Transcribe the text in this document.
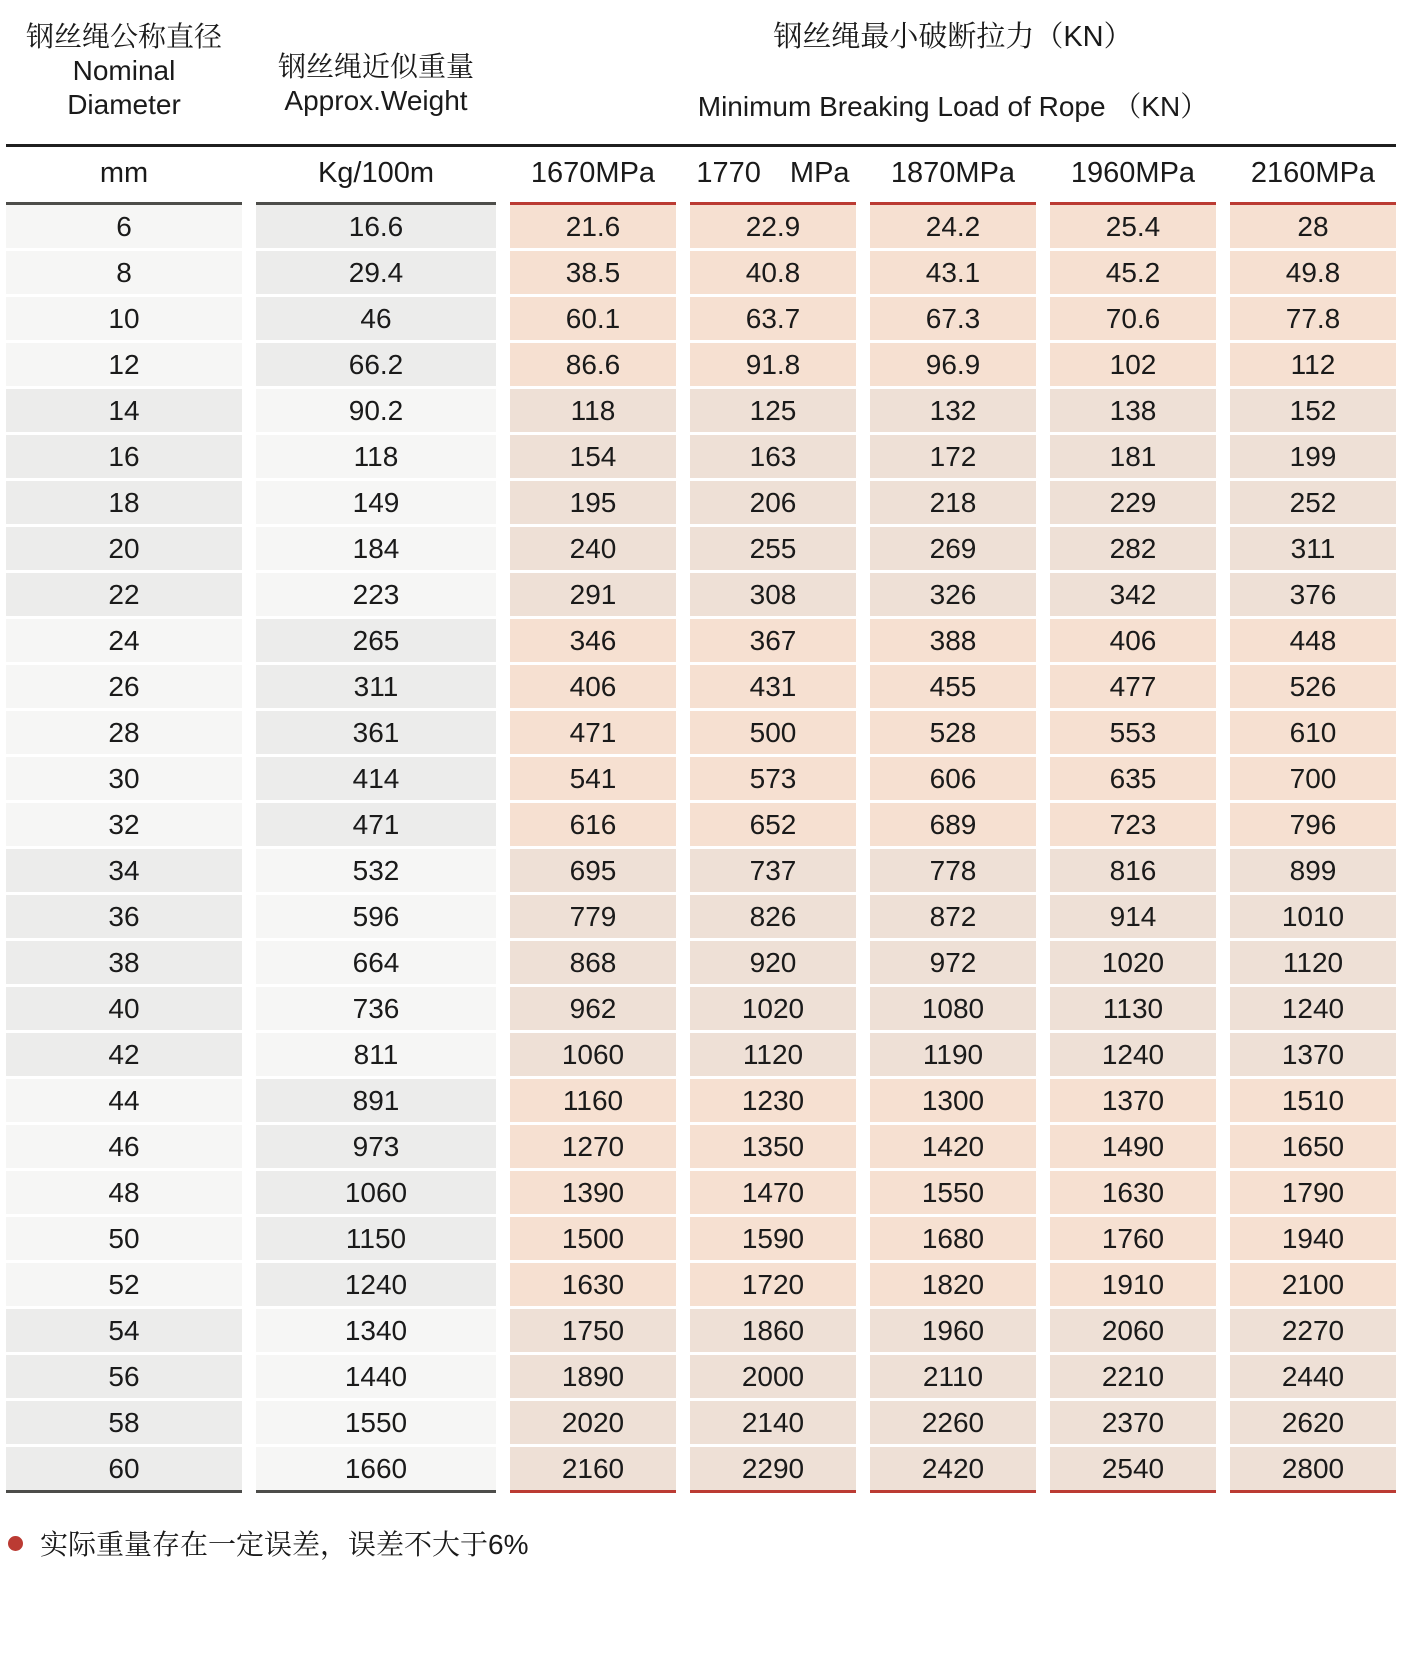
钢丝绳公称直径
Nominal
Diameter
钢丝绳近似重量
Approx.Weight
钢丝绳最小破断拉力（KN）
Minimum Breaking Load of Rope （KN）
mm	Kg/100m	1670MPa	1770 MPa	1870MPa	1960MPa	2160MPa
6	16.6	21.6	22.9	24.2	25.4	28
8	29.4	38.5	40.8	43.1	45.2	49.8
10	46	60.1	63.7	67.3	70.6	77.8
12	66.2	86.6	91.8	96.9	102	112
14	90.2	118	125	132	138	152
16	118	154	163	172	181	199
18	149	195	206	218	229	252
20	184	240	255	269	282	311
22	223	291	308	326	342	376
24	265	346	367	388	406	448
26	311	406	431	455	477	526
28	361	471	500	528	553	610
30	414	541	573	606	635	700
32	471	616	652	689	723	796
34	532	695	737	778	816	899
36	596	779	826	872	914	1010
38	664	868	920	972	1020	1120
40	736	962	1020	1080	1130	1240
42	811	1060	1120	1190	1240	1370
44	891	1160	1230	1300	1370	1510
46	973	1270	1350	1420	1490	1650
48	1060	1390	1470	1550	1630	1790
50	1150	1500	1590	1680	1760	1940
52	1240	1630	1720	1820	1910	2100
54	1340	1750	1860	1960	2060	2270
56	1440	1890	2000	2110	2210	2440
58	1550	2020	2140	2260	2370	2620
60	1660	2160	2290	2420	2540	2800
实际重量存在一定误差，误差不大于6%
